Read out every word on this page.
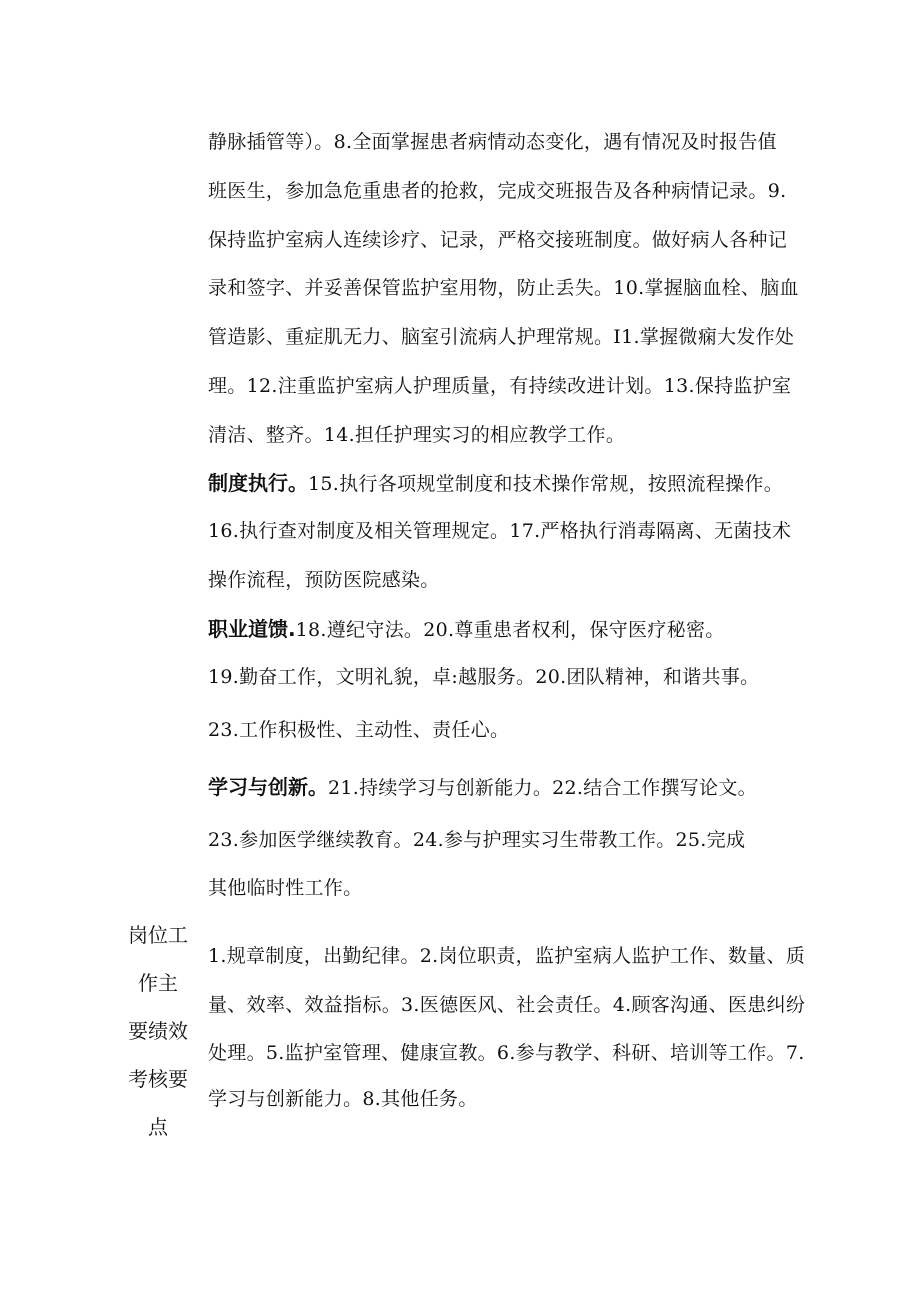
静脉插管等）。8.全面掌握患者病情动态变化，遇有情况及时报告值
班医生，参加急危重患者的抢救，完成交班报告及各种病情记录。9.
保持监护室病人连续诊疗、记录，严格交接班制度。做好病人各种记
录和签字、并妥善保管监护室用物，防止丢失。10.掌握脑血栓、脑血
管造影、重症肌无力、脑室引流病人护理常规。I1.掌握微痫大发作处
理。12.注重监护室病人护理质量，有持续改进计划。13.保持监护室
清洁、整齐。14.担任护理实习的相应教学工作。
制度执行。15.执行各项规堂制度和技术操作常规，按照流程操作。
16.执行查对制度及相关管理规定。17.严格执行消毒隔离、无菌技术
操作流程，预防医院感染。
职业道馈.18.遵纪守法。20.尊重患者权利，保守医疗秘密。
19.勤奋工作，文明礼貌，卓:越服务。20.团队精神，和谐共事。
23.工作积极性、主动性、责任心。
学习与创新。21.持续学习与创新能力。22.结合工作撰写论文。
23.参加医学继续教育。24.参与护理实习生带教工作。25.完成
其他临时性工作。
岗位工
作主
要绩效
考核要
点
1.规章制度，出勤纪律。2.岗位职责，监护室病人监护工作、数量、质
量、效率、效益指标。3.医德医风、社会责任。4.顾客沟通、医患纠纷
处理。5.监护室管理、健康宣教。6.参与教学、科研、培训等工作。7.
学习与创新能力。8.其他任务。
